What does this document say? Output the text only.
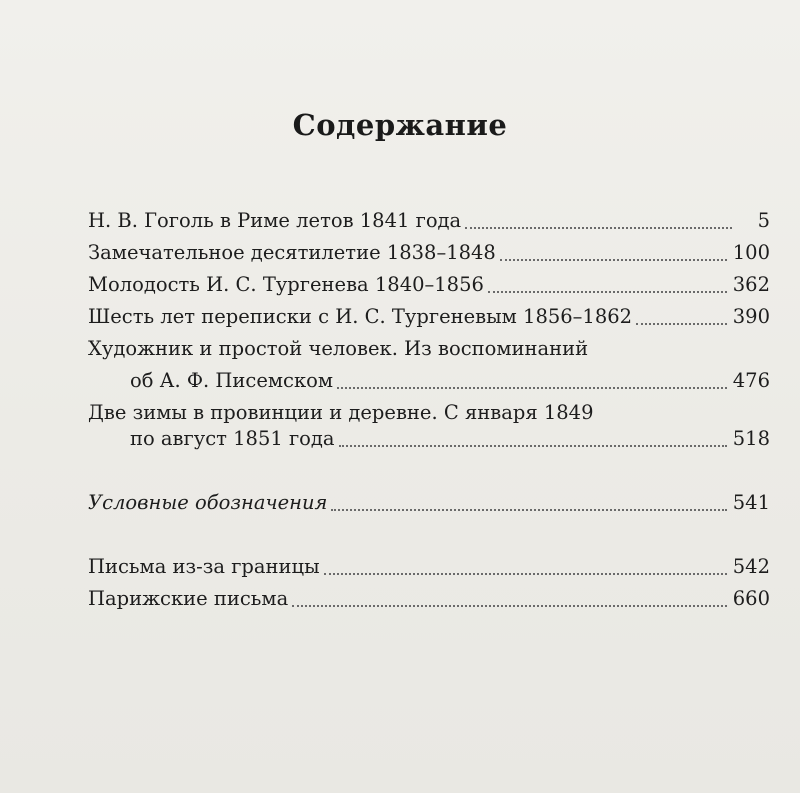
Содержание
Н. В. Гоголь в Риме летов 1841 года	5
Замечательное десятилетие 1838–1848	100
Молодость И. С. Тургенева 1840–1856	362
Шесть лет переписки с И. С. Тургеневым 1856–1862	390
Художник и простой человек. Из воспоминаний
об А. Ф. Писемском	476
Две зимы в провинции и деревне. С января 1849
по август 1851 года	518
Условные обозначения	541
Письма из-за границы	542
Парижские письма	660
